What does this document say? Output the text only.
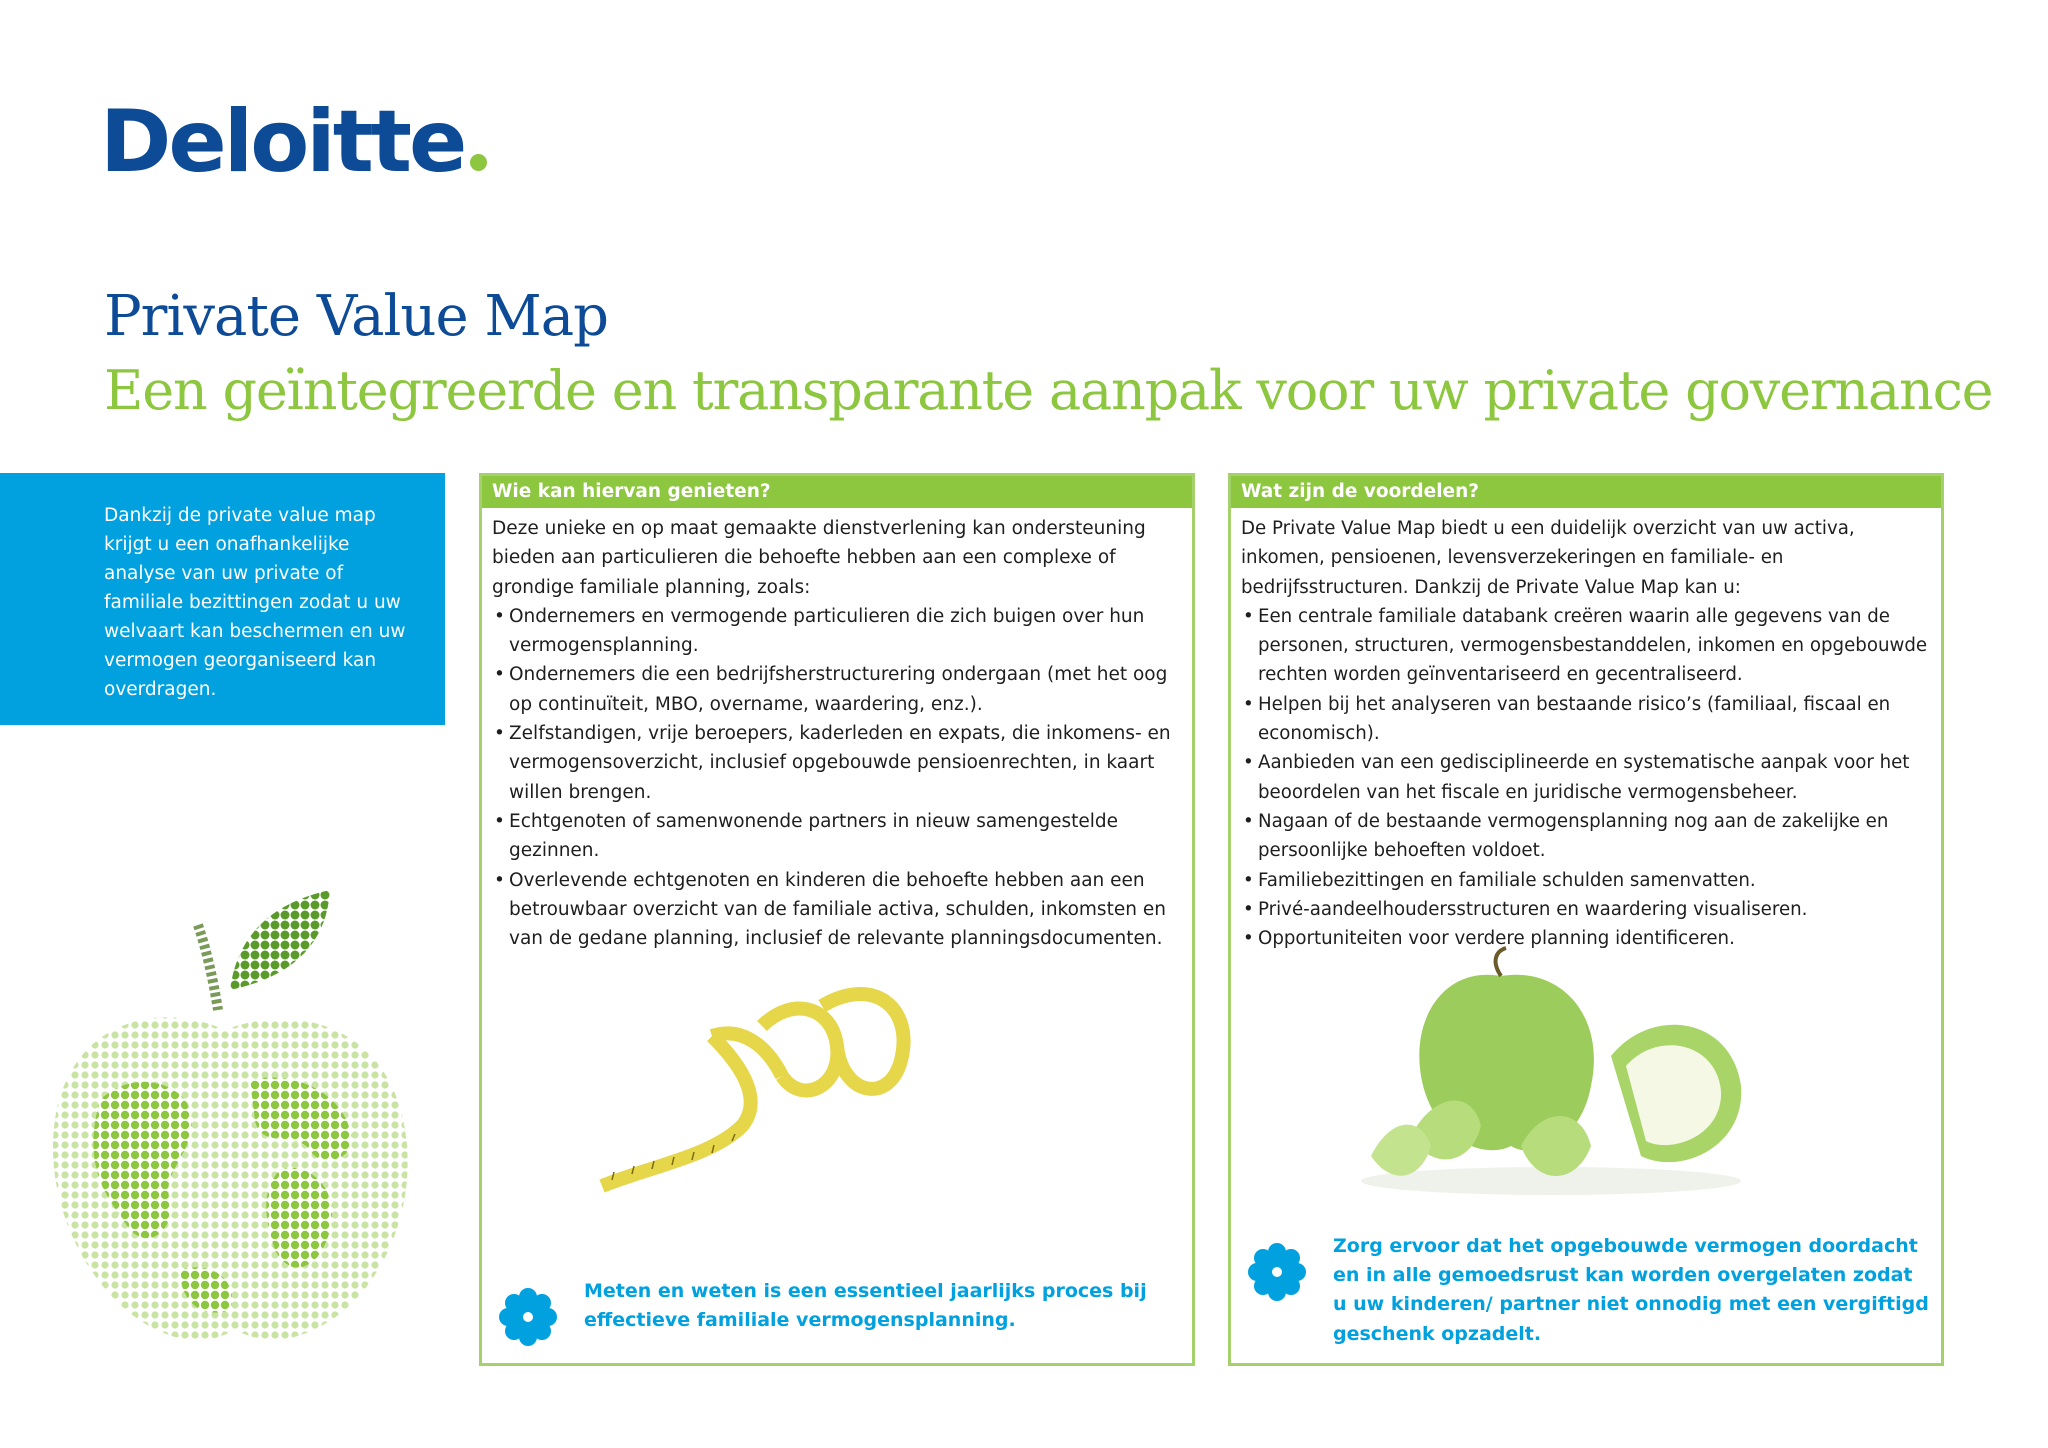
Deloitte
Private Value Map
Een geïntegreerde en transparante aanpak voor uw private governance

Dankzij de private value map krijgt u een onafhankelijke analyse van uw private of familiale bezittingen zodat u uw welvaart kan beschermen en uw vermogen georganiseerd kan overdragen.

Wie kan hiervan genieten?

Deze unieke en op maat gemaakte dienstverlening kan ondersteuning bieden aan particulieren die behoefte hebben aan een complexe of grondige familiale planning, zoals:

• Ondernemers en vermogende particulieren die zich buigen over hun vermogensplanning.
• Ondernemers die een bedrijfsherstructurering ondergaan (met het oog op continuïteit, MBO, overname, waardering, enz.).
• Zelfstandigen, vrije beroepers, kaderleden en expats, die inkomens- en vermogensoverzicht, inclusief opgebouwde pensioenrechten, in kaart willen brengen.
• Echtgenoten of samenwonende partners in nieuw samengestelde gezinnen.
• Overlevende echtgenoten en kinderen die behoefte hebben aan een betrouwbaar overzicht van de familiale activa, schulden, inkomsten en van de gedane planning, inclusief de relevante planningsdocumenten.

Meten en weten is een essentieel jaarlijks proces bij effectieve familiale vermogensplanning.

Wat zijn de voordelen?

De Private Value Map biedt u een duidelijk overzicht van uw activa, inkomen, pensioenen, levensverzekeringen en familiale- en bedrijfsstructuren. Dankzij de Private Value Map kan u:

• Een centrale familiale databank creëren waarin alle gegevens van de personen, structuren, vermogensbestanddelen, inkomen en opgebouwde rechten worden geïnventariseerd en gecentraliseerd.
• Helpen bij het analyseren van bestaande risico’s (familiaal, fiscaal en economisch).
• Aanbieden van een gedisciplineerde en systematische aanpak voor het beoordelen van het fiscale en juridische vermogensbeheer.
• Nagaan of de bestaande vermogensplanning nog aan de zakelijke en persoonlijke behoeften voldoet.
• Familiebezittingen en familiale schulden samenvatten.
• Privé-aandeelhoudersstructuren en waardering visualiseren.
• Opportuniteiten voor verdere planning identificeren.

Zorg ervoor dat het opgebouwde vermogen doordacht en in alle gemoedsrust kan worden overgelaten zodat u uw kinderen/ partner niet onnodig met een vergiftigd geschenk opzadelt.
